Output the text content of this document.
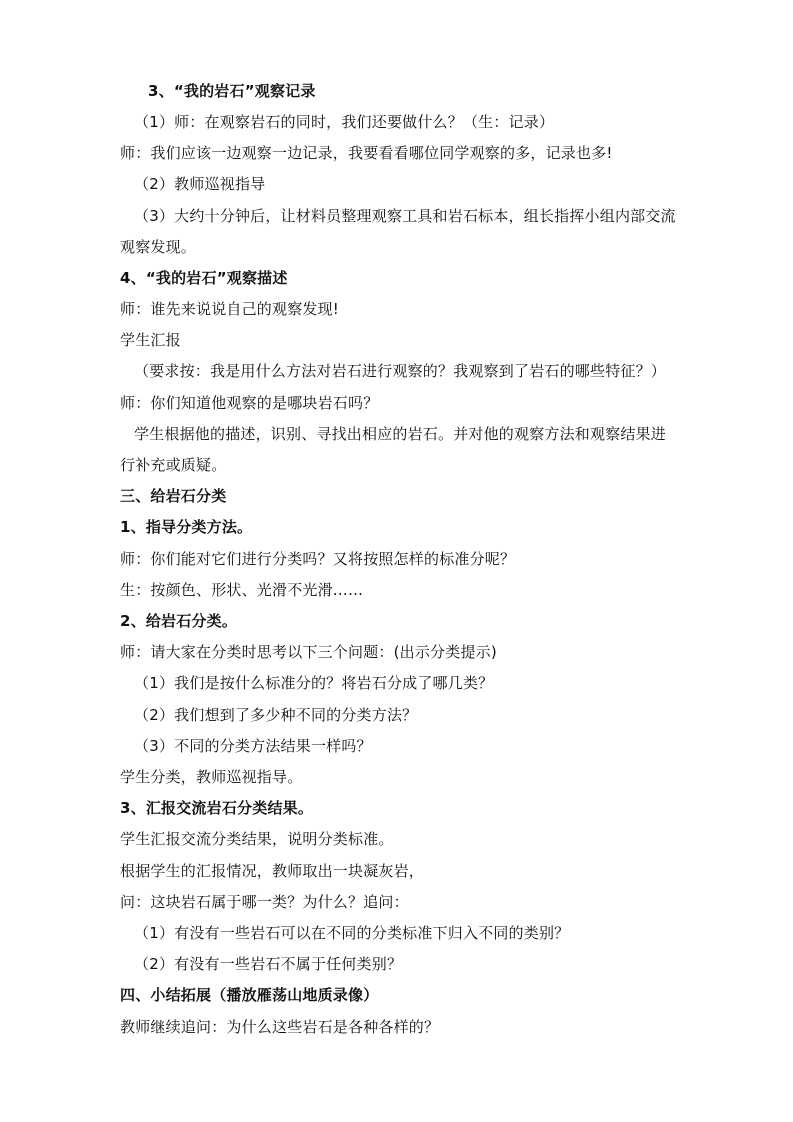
3、“我的岩石”观察记录
（1）师：在观察岩石的同时，我们还要做什么？（生：记录）
师：我们应该一边观察一边记录，我要看看哪位同学观察的多，记录也多!
（2）教师巡视指导
（3）大约十分钟后，让材料员整理观察工具和岩石标本，组长指挥小组内部交流
观察发现。
4、“我的岩石”观察描述
师：谁先来说说自己的观察发现!
学生汇报
（要求按：我是用什么方法对岩石进行观察的？我观察到了岩石的哪些特征？）
师：你们知道他观察的是哪块岩石吗？
学生根据他的描述，识别、寻找出相应的岩石。并对他的观察方法和观察结果进
行补充或质疑。
三、给岩石分类
1、指导分类方法。
师：你们能对它们进行分类吗？又将按照怎样的标准分呢？
生：按颜色、形状、光滑不光滑……
2、给岩石分类。
师：请大家在分类时思考以下三个问题：(出示分类提示)
（1）我们是按什么标准分的？将岩石分成了哪几类？
（2）我们想到了多少种不同的分类方法？
（3）不同的分类方法结果一样吗？
学生分类，教师巡视指导。
3、汇报交流岩石分类结果。
学生汇报交流分类结果，说明分类标准。
根据学生的汇报情况，教师取出一块凝灰岩，
问：这块岩石属于哪一类？为什么？追问：
（1）有没有一些岩石可以在不同的分类标准下归入不同的类别？
（2）有没有一些岩石不属于任何类别？
四、小结拓展（播放雁荡山地质录像）
教师继续追问：为什么这些岩石是各种各样的？
